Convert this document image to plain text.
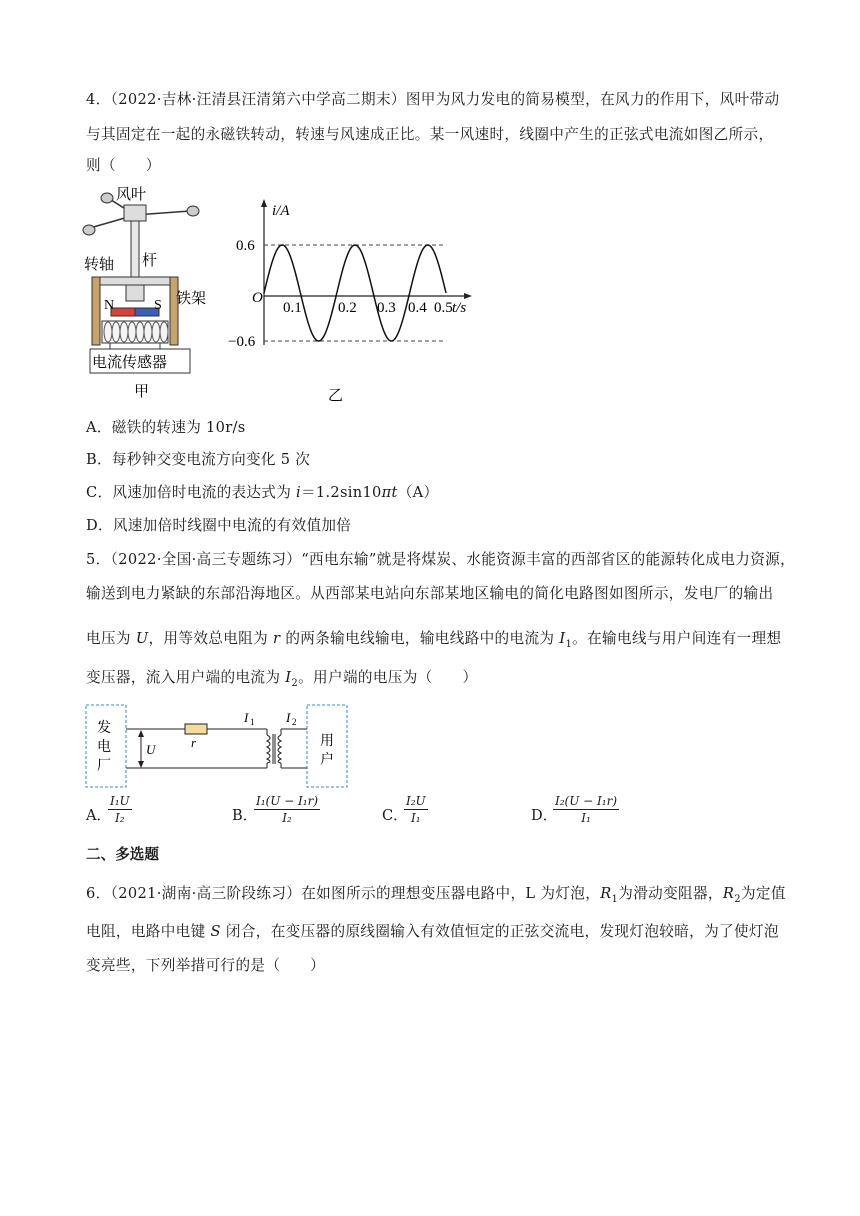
4．（2022·吉林·汪清县汪清第六中学高二期末）图甲为风力发电的简易模型，在风力的作用下，风叶带动
与其固定在一起的永磁铁转动，转速与风速成正比。某一风速时，线圈中产生的正弦式电流如图乙所示，
则（　　）
风叶
杆
转轴
铁架
N	S
电流传感器
甲
i/A
t/s
O
0.6
−0.6
0.1 0.2 0.3 0.4 0.5
乙
A．磁铁的转速为 10r/s
B．每秒钟交变电流方向变化 5 次
C．风速加倍时电流的表达式为 i＝1.2sin10πt（A）
D．风速加倍时线圈中电流的有效值加倍
5．（2022·全国·高三专题练习）“西电东输”就是将煤炭、水能资源丰富的西部省区的能源转化成电力资源，
输送到电力紧缺的东部沿海地区。从西部某电站向东部某地区输电的简化电路图如图所示，发电厂的输出
电压为 U，用等效总电阻为 r 的两条输电线输电，输电线路中的电流为 $I_1$。在输电线与用户间连有一理想
变压器，流入用户端的电流为 $I_2$。用户端的电压为（　　）
发
电
厂
U	r
I 1 I 2
用
户
A．
$\frac{\text{I₁U}}{\text{I₂}}$	B．
$\frac{\text{I₁(U − I₁r)}}{\text{I₂}}$	C．
$\frac{\text{I₂U}}{\text{I₁}}$	D．
$\frac{\text{I₂(U − I₁r)}}{\text{I₁}}$
二、多选题
6．（2021·湖南·高三阶段练习）在如图所示的理想变压器电路中，L 为灯泡，$R_1$为滑动变阻器，$R_2$为定值
电阻，电路中电键 S 闭合，在变压器的原线圈输入有效值恒定的正弦交流电，发现灯泡较暗，为了使灯泡
变亮些，下列举措可行的是（　　）
